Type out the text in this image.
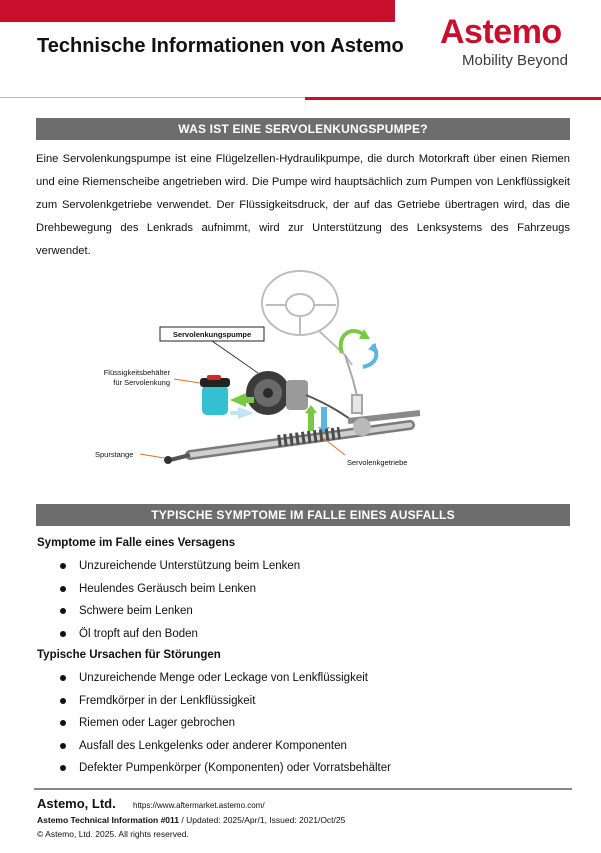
Technische Informationen von Astemo	Astemo
Mobility Beyond
WAS IST EINE SERVOLENKUNGSPUMPE?
Eine Servolenkungspumpe ist eine Flügelzellen-Hydraulikpumpe, die durch Motorkraft über einen Riemen und eine Riemenscheibe angetrieben wird. Die Pumpe wird hauptsächlich zum Pumpen von Lenkflüssigkeit zum Servolenkgetriebe verwendet. Der Flüssigkeitsdruck, der auf das Getriebe übertragen wird, das die Drehbewegung des Lenkrads aufnimmt, wird zur Unterstützung des Lenksystems des Fahrzeugs verwendet.
Servolenkungspumpe
Flüssigkeitsbehälter
für Servolenkung
Spurstange
Servolenkgetriebe
TYPISCHE SYMPTOME IM FALLE EINES AUSFALLS
Symptome im Falle eines Versagens
Unzureichende Unterstützung beim Lenken
Heulendes Geräusch beim Lenken
Schwere beim Lenken
Öl tropft auf den Boden
Typische Ursachen für Störungen
Unzureichende Menge oder Leckage von Lenkflüssigkeit
Fremdkörper in der Lenkflüssigkeit
Riemen oder Lager gebrochen
Ausfall des Lenkgelenks oder anderer Komponenten
Defekter Pumpenkörper (Komponenten) oder Vorratsbehälter
Astemo, Ltd. https://www.aftermarket.astemo.com/
Astemo Technical Information #011 / Updated: 2025/Apr/1, Issued: 2021/Oct/25
© Astemo, Ltd. 2025. All rights reserved.
